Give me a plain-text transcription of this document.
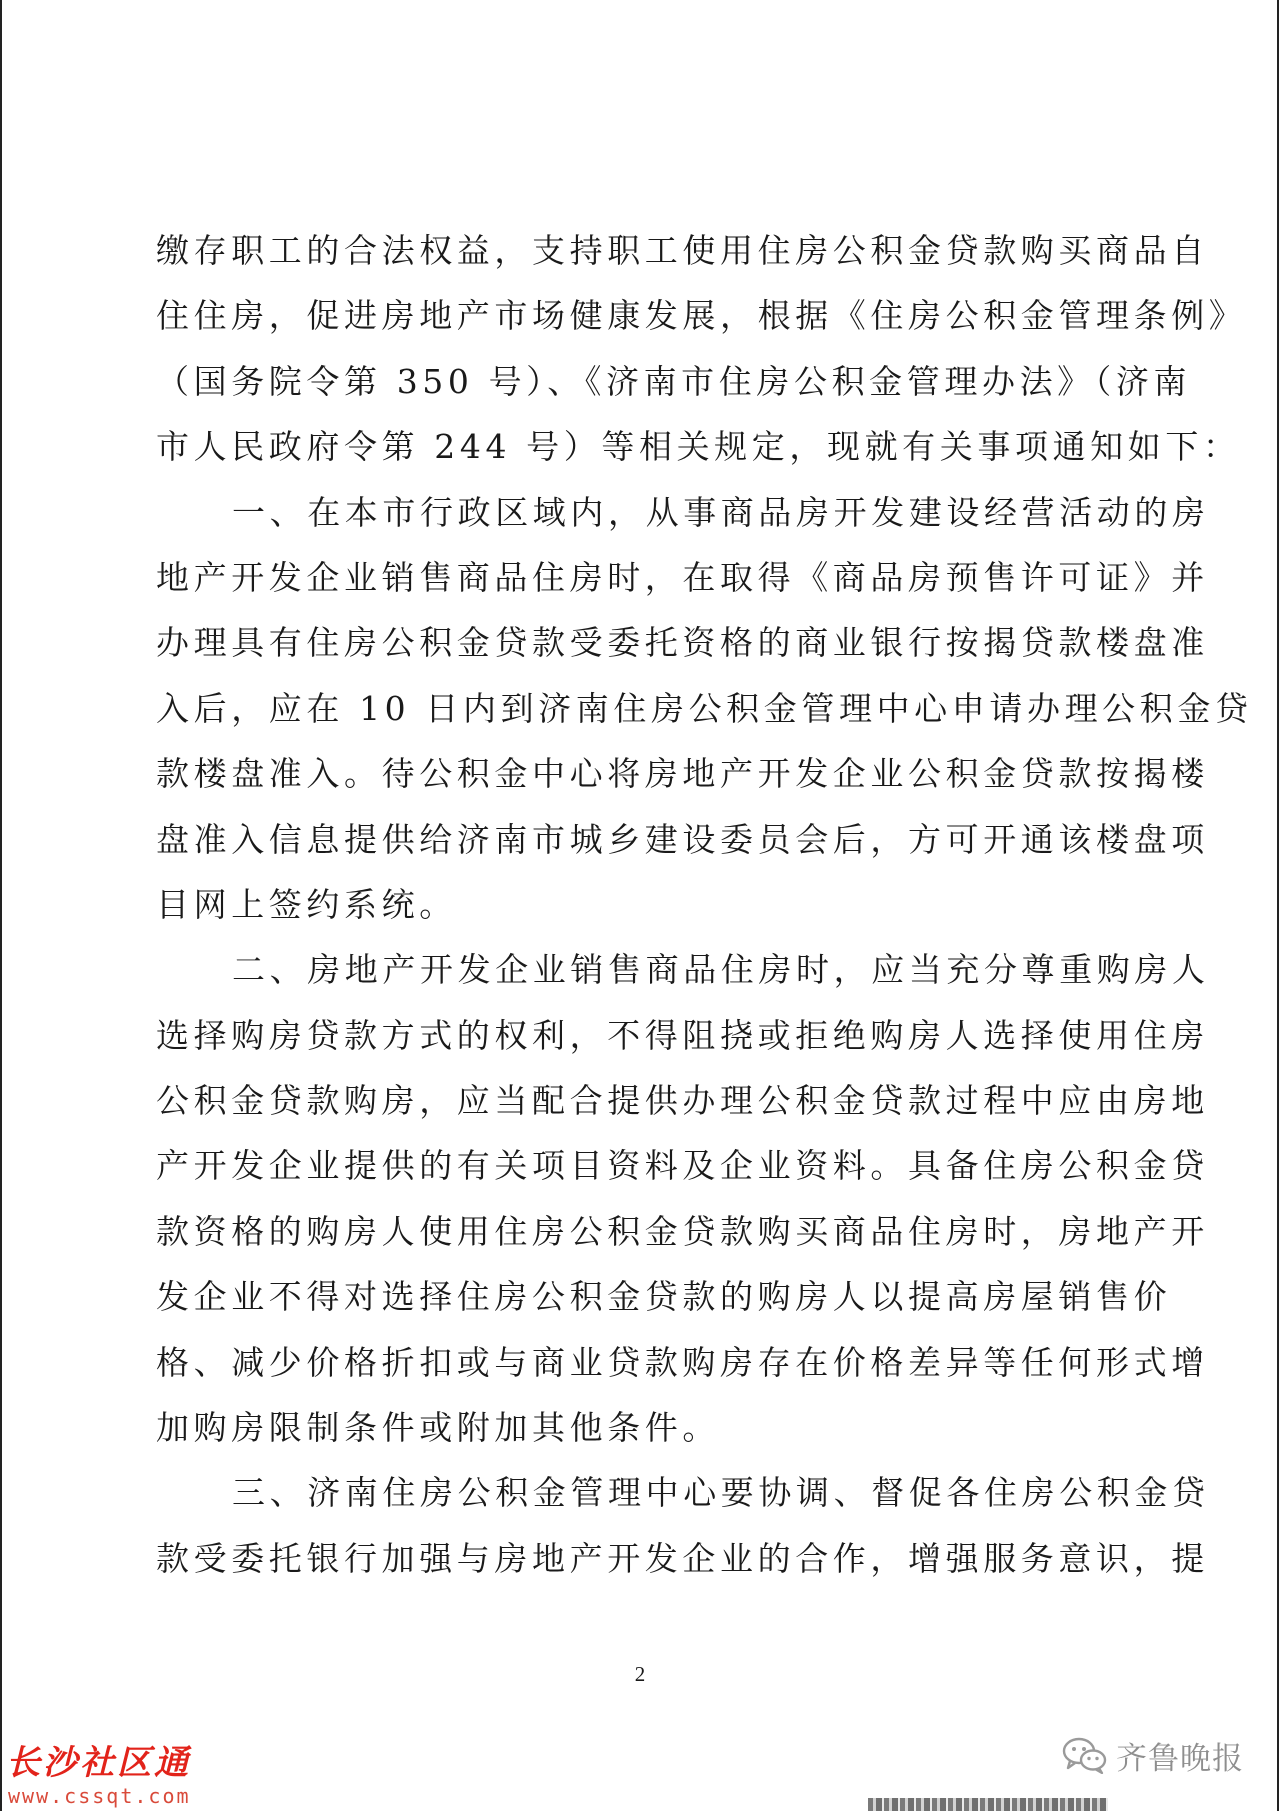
缴存职工的合法权益，支持职工使用住房公积金贷款购买商品自
住住房，促进房地产市场健康发展，根据《住房公积金管理条例》
（国务院令第 350 号）、《济南市住房公积金管理办法》（济南
市人民政府令第 244 号）等相关规定，现就有关事项通知如下：
一、在本市行政区域内，从事商品房开发建设经营活动的房
地产开发企业销售商品住房时，在取得《商品房预售许可证》并
办理具有住房公积金贷款受委托资格的商业银行按揭贷款楼盘准
入后，应在 10 日内到济南住房公积金管理中心申请办理公积金贷
款楼盘准入。待公积金中心将房地产开发企业公积金贷款按揭楼
盘准入信息提供给济南市城乡建设委员会后，方可开通该楼盘项
目网上签约系统。
二、房地产开发企业销售商品住房时，应当充分尊重购房人
选择购房贷款方式的权利，不得阻挠或拒绝购房人选择使用住房
公积金贷款购房，应当配合提供办理公积金贷款过程中应由房地
产开发企业提供的有关项目资料及企业资料。具备住房公积金贷
款资格的购房人使用住房公积金贷款购买商品住房时，房地产开
发企业不得对选择住房公积金贷款的购房人以提高房屋销售价
格、减少价格折扣或与商业贷款购房存在价格差异等任何形式增
加购房限制条件或附加其他条件。
三、济南住房公积金管理中心要协调、督促各住房公积金贷
款受委托银行加强与房地产开发企业的合作，增强服务意识，提
2
长沙社区通
www.cssqt.com
齐鲁晚报
